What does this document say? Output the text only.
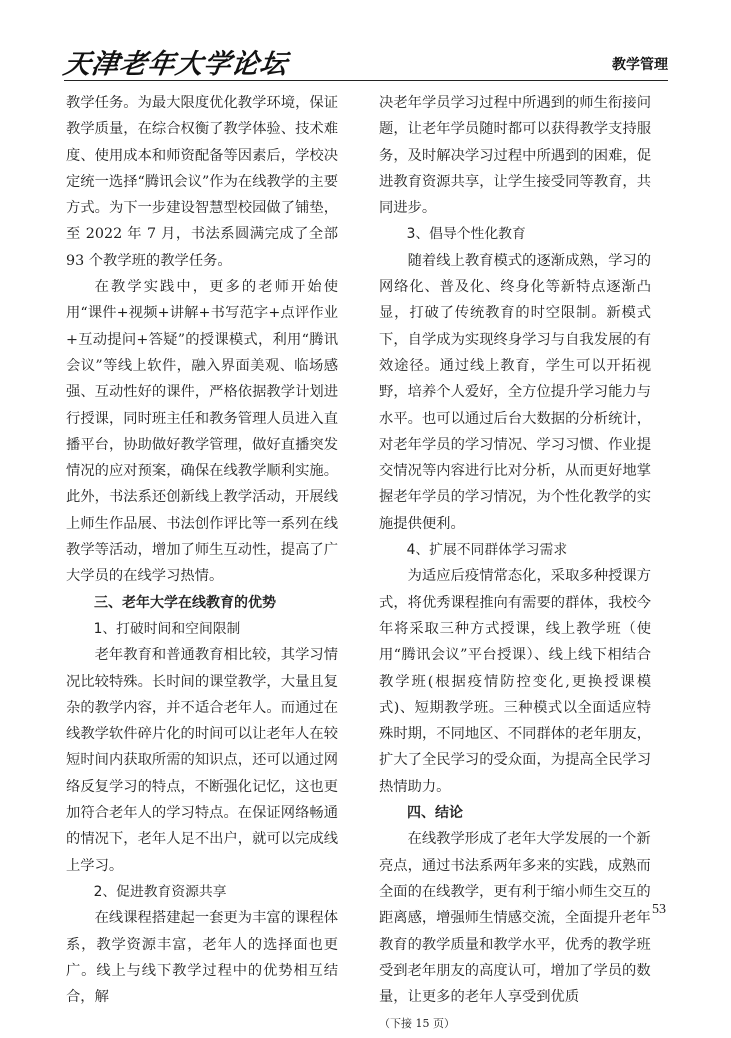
天津老年大学论坛	教学管理

教学任务。为最大限度优化教学环境，保证教学质量，在综合权衡了教学体验、技术难度、使用成本和师资配备等因素后，学校决定统一选择“腾讯会议”作为在线教学的主要方式。为下一步建设智慧型校园做了铺垫，至 2022 年 7 月，书法系圆满完成了全部 93 个教学班的教学任务。

在教学实践中，更多的老师开始使用“课件+视频+讲解+书写范字+点评作业+互动提问+答疑”的授课模式，利用“腾讯会议”等线上软件，融入界面美观、临场感强、互动性好的课件，严格依据教学计划进行授课，同时班主任和教务管理人员进入直播平台，协助做好教学管理，做好直播突发情况的应对预案，确保在线教学顺利实施。此外，书法系还创新线上教学活动，开展线上师生作品展、书法创作评比等一系列在线教学等活动，增加了师生互动性，提高了广大学员的在线学习热情。

三、老年大学在线教育的优势

1、打破时间和空间限制

老年教育和普通教育相比较，其学习情况比较特殊。长时间的课堂教学，大量且复杂的教学内容，并不适合老年人。而通过在线教学软件碎片化的时间可以让老年人在较短时间内获取所需的知识点，还可以通过网络反复学习的特点，不断强化记忆，这也更加符合老年人的学习特点。在保证网络畅通的情况下，老年人足不出户，就可以完成线上学习。

2、促进教育资源共享

在线课程搭建起一套更为丰富的课程体系，教学资源丰富，老年人的选择面也更广。线上与线下教学过程中的优势相互结合，解

决老年学员学习过程中所遇到的师生衔接问题，让老年学员随时都可以获得教学支持服务，及时解决学习过程中所遇到的困难，促进教育资源共享，让学生接受同等教育，共同进步。

3、倡导个性化教育

随着线上教育模式的逐渐成熟，学习的网络化、普及化、终身化等新特点逐渐凸显，打破了传统教育的时空限制。新模式下，自学成为实现终身学习与自我发展的有效途径。通过线上教育，学生可以开拓视野，培养个人爱好，全方位提升学习能力与水平。也可以通过后台大数据的分析统计，对老年学员的学习情况、学习习惯、作业提交情况等内容进行比对分析，从而更好地掌握老年学员的学习情况，为个性化教学的实施提供便利。

4、扩展不同群体学习需求

为适应后疫情常态化，采取多种授课方式，将优秀课程推向有需要的群体，我校今年将采取三种方式授课，线上教学班（使用“腾讯会议”平台授课）、线上线下相结合教学班(根据疫情防控变化,更换授课模式)、短期教学班。三种模式以全面适应特殊时期，不同地区、不同群体的老年朋友，扩大了全民学习的受众面，为提高全民学习热情助力。

四、结论

在线教学形成了老年大学发展的一个新亮点，通过书法系两年多来的实践，成熟而全面的在线教学，更有利于缩小师生交互的距离感，增强师生情感交流，全面提升老年教育的教学质量和教学水平，优秀的教学班受到老年朋友的高度认可，增加了学员的数量，让更多的老年人享受到优质（下接 15 页）

53
